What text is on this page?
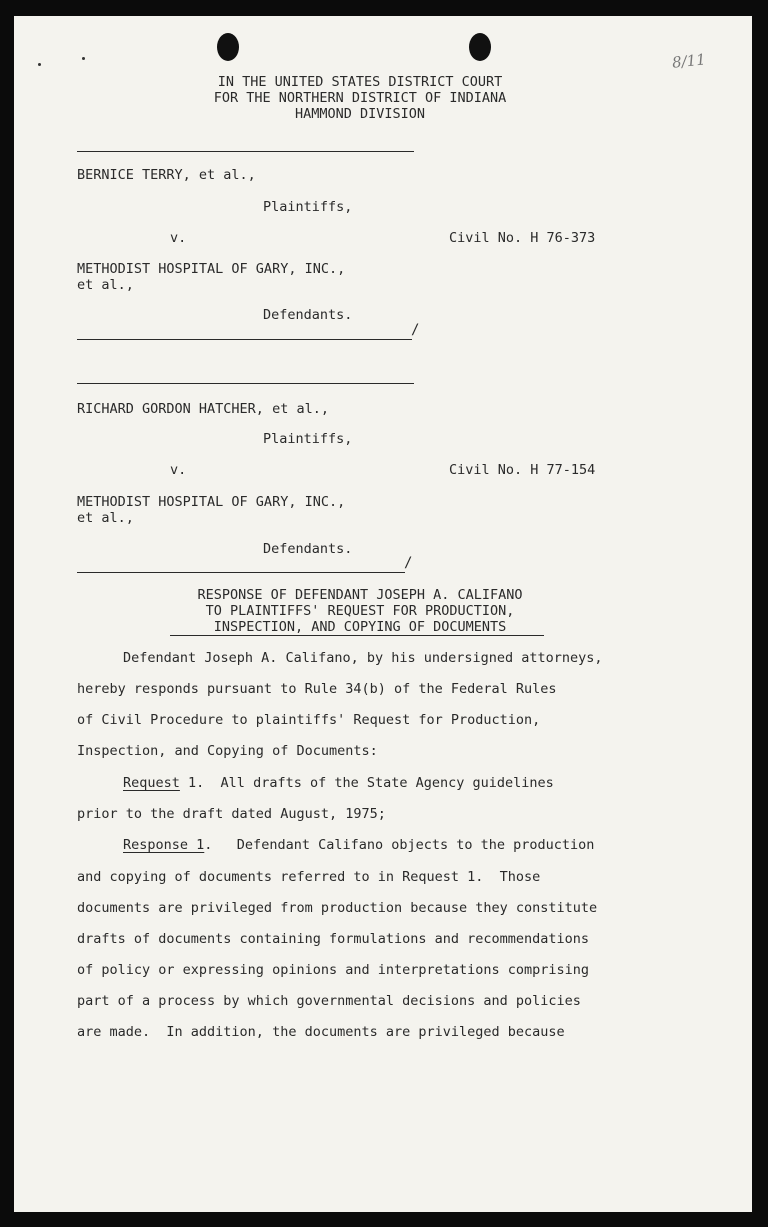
8/11
IN THE UNITED STATES DISTRICT COURT
FOR THE NORTHERN DISTRICT OF INDIANA
HAMMOND DIVISION
BERNICE TERRY, et al.,
Plaintiffs,
v.	Civil No. H 76-373
METHODIST HOSPITAL OF GARY, INC.,
et al.,
Defendants.
/
RICHARD GORDON HATCHER, et al.,
Plaintiffs,
v.	Civil No. H 77-154
METHODIST HOSPITAL OF GARY, INC.,
et al.,
Defendants.
/
RESPONSE OF DEFENDANT JOSEPH A. CALIFANO
TO PLAINTIFFS' REQUEST FOR PRODUCTION,
INSPECTION, AND COPYING OF DOCUMENTS
Defendant Joseph A. Califano, by his undersigned attorneys,
hereby responds pursuant to Rule 34(b) of the Federal Rules
of Civil Procedure to plaintiffs' Request for Production,
Inspection, and Copying of Documents:
Request 1.  All drafts of the State Agency guidelines
prior to the draft dated August, 1975;
Response 1.   Defendant Califano objects to the production
and copying of documents referred to in Request 1.  Those
documents are privileged from production because they constitute
drafts of documents containing formulations and recommendations
of policy or expressing opinions and interpretations comprising
part of a process by which governmental decisions and policies
are made.  In addition, the documents are privileged because
